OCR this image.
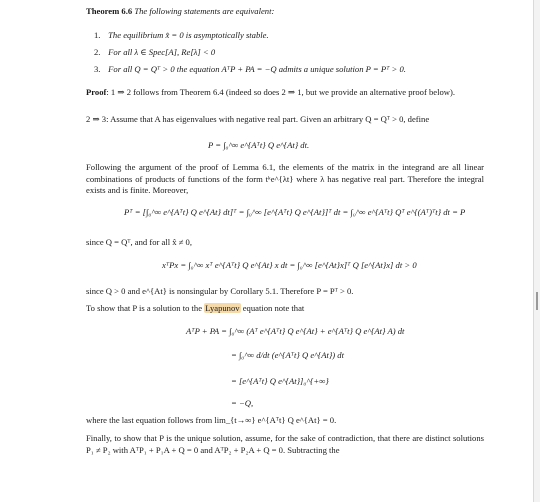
Theorem 6.6 The following statements are equivalent:
1. The equilibrium x̂ = 0 is asymptotically stable.
2. For all λ ∈ Spec[A], Re[λ] < 0
3. For all Q = Qᵀ > 0 the equation AᵀP + PA = −Q admits a unique solution P = Pᵀ > 0.
Proof: 1 ⇒ 2 follows from Theorem 6.4 (indeed so does 2 ⇒ 1, but we provide an alternative proof below).
2 ⇒ 3: Assume that A has eigenvalues with negative real part. Given an arbitrary Q = Qᵀ > 0, define
P = ∫₀^∞ e^{Aᵀt} Q e^{At} dt.
Following the argument of the proof of Lemma 6.1, the elements of the matrix in the integrand are all linear combinations of products of functions of the form tᵏe^{λt} where λ has negative real part. Therefore the integral exists and is finite. Moreover,
Pᵀ = [∫₀^∞ e^{Aᵀt} Q e^{At} dt]ᵀ = ∫₀^∞ [e^{Aᵀt} Q e^{At}]ᵀ dt = ∫₀^∞ e^{Aᵀt} Qᵀ e^{(Aᵀ)ᵀt} dt = P
since Q = Qᵀ, and for all x̂ ≠ 0,
xᵀPx = ∫₀^∞ xᵀ e^{Aᵀt} Q e^{At} x dt = ∫₀^∞ [e^{At}x]ᵀ Q [e^{At}x] dt > 0
since Q > 0 and e^{At} is nonsingular by Corollary 5.1. Therefore P = Pᵀ > 0.
To show that P is a solution to the Lyapunov equation note that
AᵀP + PA = ∫₀^∞ (Aᵀ e^{Aᵀt} Q e^{At} + e^{Aᵀt} Q e^{At} A) dt
= ∫₀^∞ d/dt (e^{Aᵀt} Q e^{At}) dt
= [e^{Aᵀt} Q e^{At}]₀^{+∞}
= −Q,
where the last equation follows from lim_{t→∞} e^{Aᵀt} Q e^{At} = 0.
Finally, to show that P is the unique solution, assume, for the sake of contradiction, that there are distinct solutions P₁ ≠ P₂ with AᵀP₁ + P₁A + Q = 0 and AᵀP₂ + P₂A + Q = 0. Subtracting the
